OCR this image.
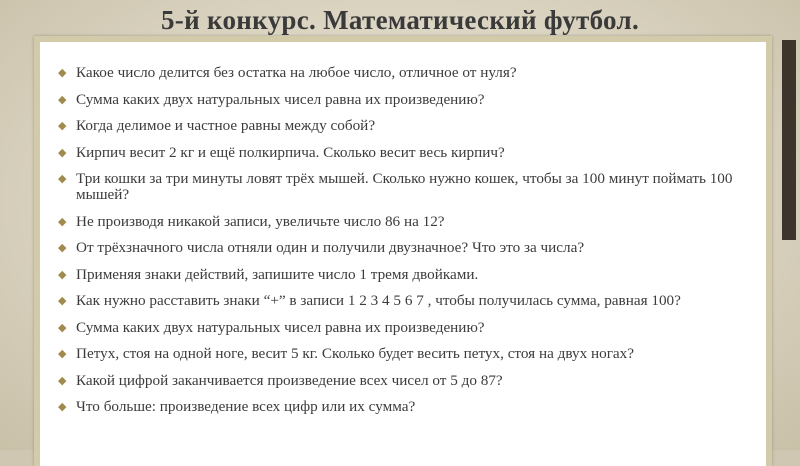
5-й конкурс. Математический футбол.
◆ Какое число делится без остатка на любое число, отличное от нуля?
◆ Сумма каких двух натуральных чисел равна их произведению?
◆ Когда делимое и частное равны между собой?
◆ Кирпич весит 2 кг и ещё полкирпича. Сколько весит весь кирпич?
◆ Три кошки за три минуты ловят трёх мышей. Сколько нужно кошек, чтобы за 100 минут поймать 100 мышей?
◆ Не производя никакой записи, увеличьте число 86 на 12?
◆ От трёхзначного числа отняли один и получили двузначное? Что это за числа?
◆ Применяя знаки действий, запишите число 1 тремя двойками.
◆ Как нужно расставить знаки “+” в записи 1 2 3 4 5 6 7 , чтобы получилась сумма, равная 100?
◆ Сумма каких двух натуральных чисел равна их произведению?
◆ Петух, стоя на одной ноге, весит 5 кг. Сколько будет весить петух, стоя на двух ногах?
◆ Какой цифрой заканчивается произведение всех чисел от 5 до 87?
◆ Что больше: произведение всех цифр или их сумма?
